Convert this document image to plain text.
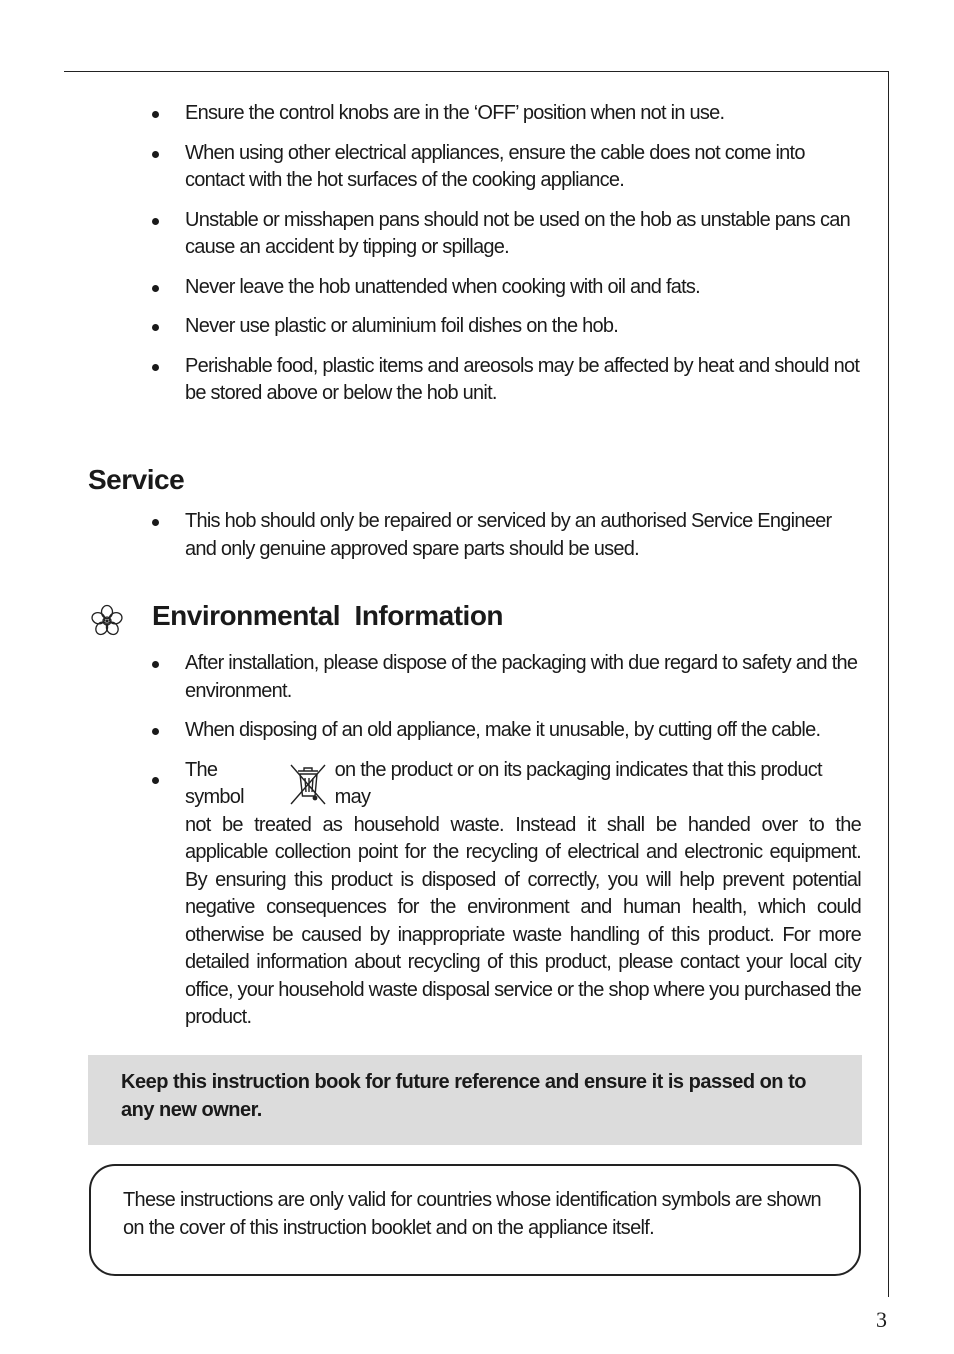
Ensure the control knobs are in the ‘OFF’ position when not in use.
When using other electrical appliances, ensure the cable does not come into contact with the hot surfaces of the cooking appliance.
Unstable or misshapen pans should not be used on the hob as unstable pans can cause an accident by tipping or spillage.
Never leave the hob unattended when cooking with oil and fats.
Never use plastic or aluminium foil dishes on the hob.
Perishable food, plastic items and areosols may be affected by heat and should not be stored above or below the hob unit.
Service
This hob should only be repaired or serviced by an authorised Service Engineer and only genuine approved spare parts should be used.
Environmental  Information
After installation, please dispose of the packaging with due regard to safety and the environment.
When disposing of an old appliance, make it unusable, by cutting off the cable.
The symbol
on the product or on its packaging indicates that this product may
not be treated as household waste. Instead it shall be handed over to the applicable collection point for the recycling of electrical and electronic equipment. By ensuring this product is disposed of correctly, you will help prevent potential negative consequences for the environment and human health, which could otherwise be caused by inappropriate waste handling of this product. For more detailed information about recycling of this product, please contact your local city office, your household waste disposal service or the shop where you purchased the product.
Keep this instruction book for future reference and ensure it is passed on to any new owner.
These instructions are only valid for countries whose identification symbols are shown on the cover of this instruction booklet and on the appliance itself.
3
